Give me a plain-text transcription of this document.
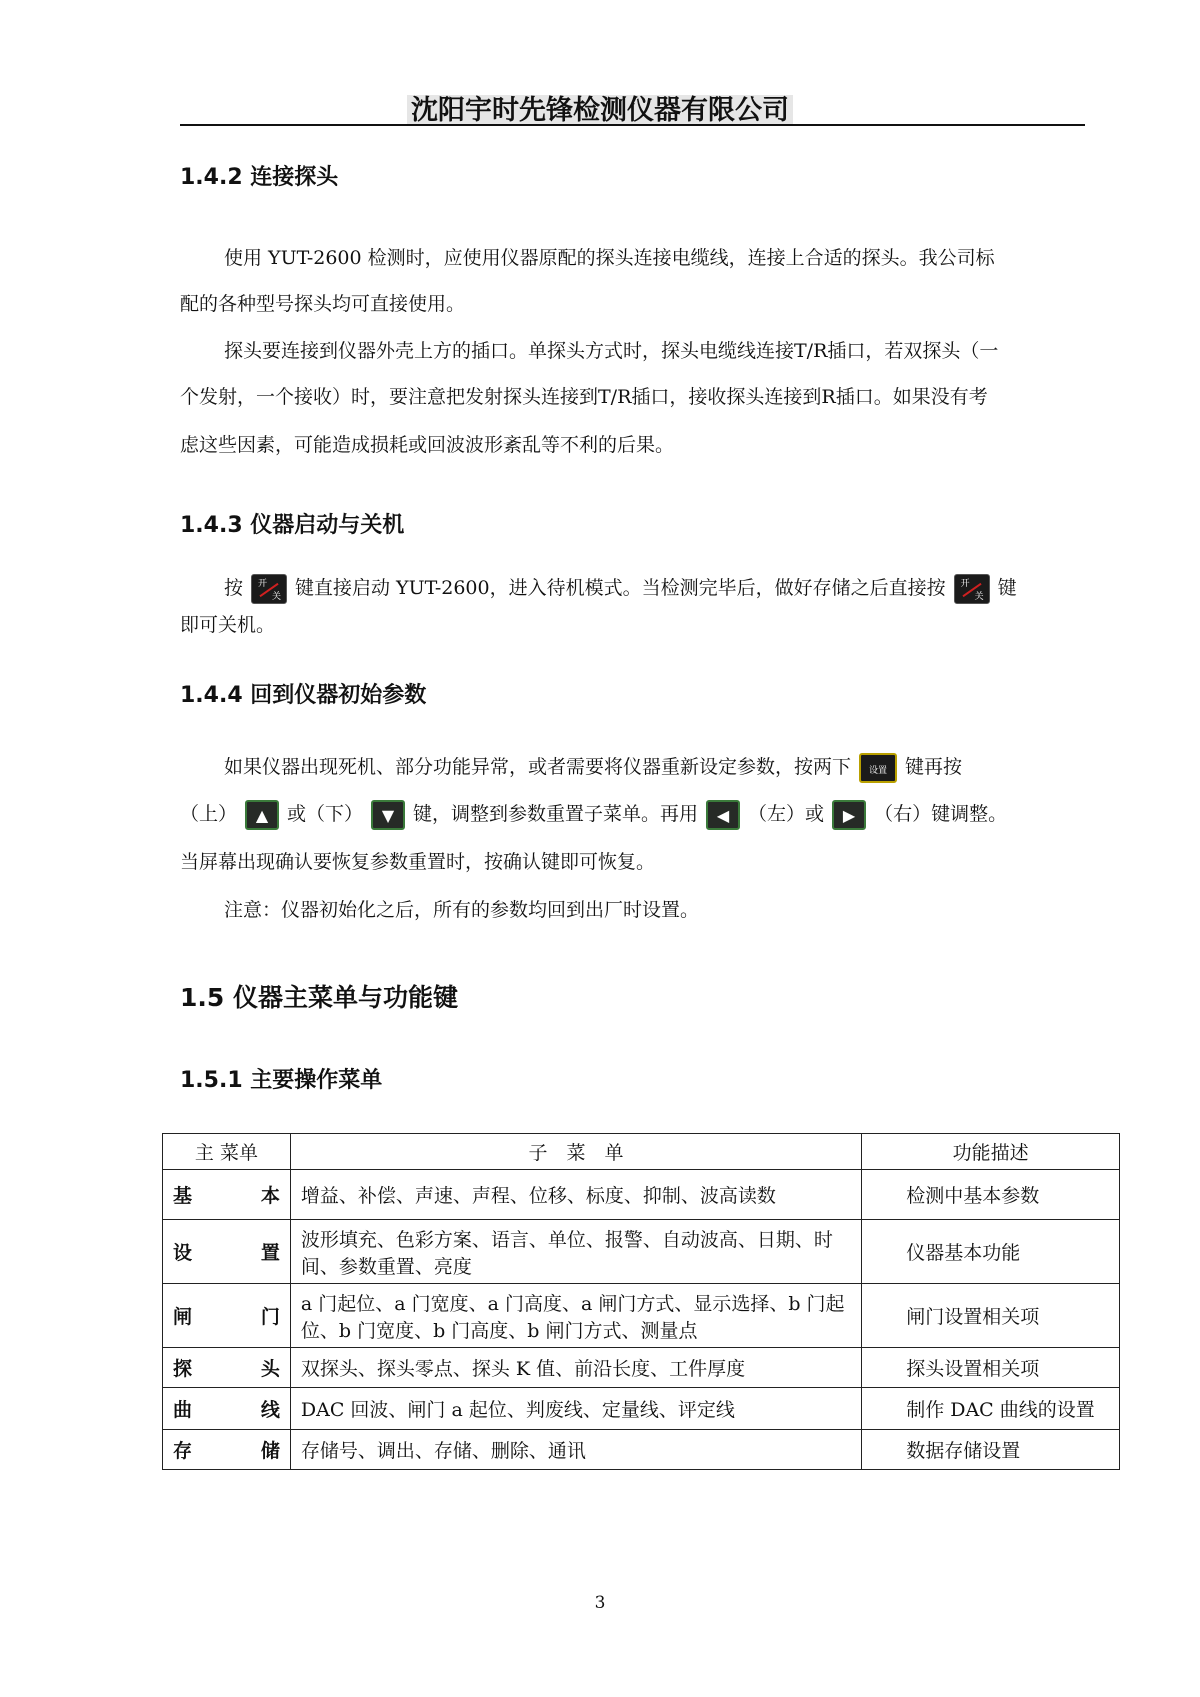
沈阳宇时先锋检测仪器有限公司
1.4.2 连接探头
使用 YUT-2600 检测时，应使用仪器原配的探头连接电缆线，连接上合适的探头。我公司标
配的各种型号探头均可直接使用。
探头要连接到仪器外壳上方的插口。单探头方式时，探头电缆线连接T/R插口，若双探头（一
个发射，一个接收）时，要注意把发射探头连接到T/R插口，接收探头连接到R插口。如果没有考
虑这些因素，可能造成损耗或回波波形紊乱等不利的后果。
1.4.3 仪器启动与关机
按 开
关 键直接启动 YUT-2600，进入待机模式。当检测完毕后，做好存储之后直接按 开
关 键
即可关机。
1.4.4 回到仪器初始参数
如果仪器出现死机、部分功能异常，或者需要将仪器重新设定参数，按两下	设置 键再按
（上）	▲ 或（下）	▼ 键，调整到参数重置子菜单。再用	◀ （左）或	▶ （右）键调整。
当屏幕出现确认要恢复参数重置时，按确认键即可恢复。
注意：仪器初始化之后，所有的参数均回到出厂时设置。
1.5 仪器主菜单与功能键
1.5.1 主要操作菜单
主 菜单	子　菜　单	功能描述

基 本	增益、补偿、声速、声程、位移、标度、抑制、波高读数	检测中基本参数

设 置	波形填充、色彩方案、语言、单位、报警、自动波高、日期、时间、参数重置、亮度	仪器基本功能

闸 门	a 门起位、a 门宽度、a 门高度、a 闸门方式、显示选择、b 门起位、b 门宽度、b 门高度、b 闸门方式、测量点	闸门设置相关项

探 头	双探头、探头零点、探头 K 值、前沿长度、工件厚度	探头设置相关项

曲 线	DAC 回波、闸门 a 起位、判废线、定量线、评定线	制作 DAC 曲线的设置

存 储	存储号、调出、存储、删除、通讯	数据存储设置
3
